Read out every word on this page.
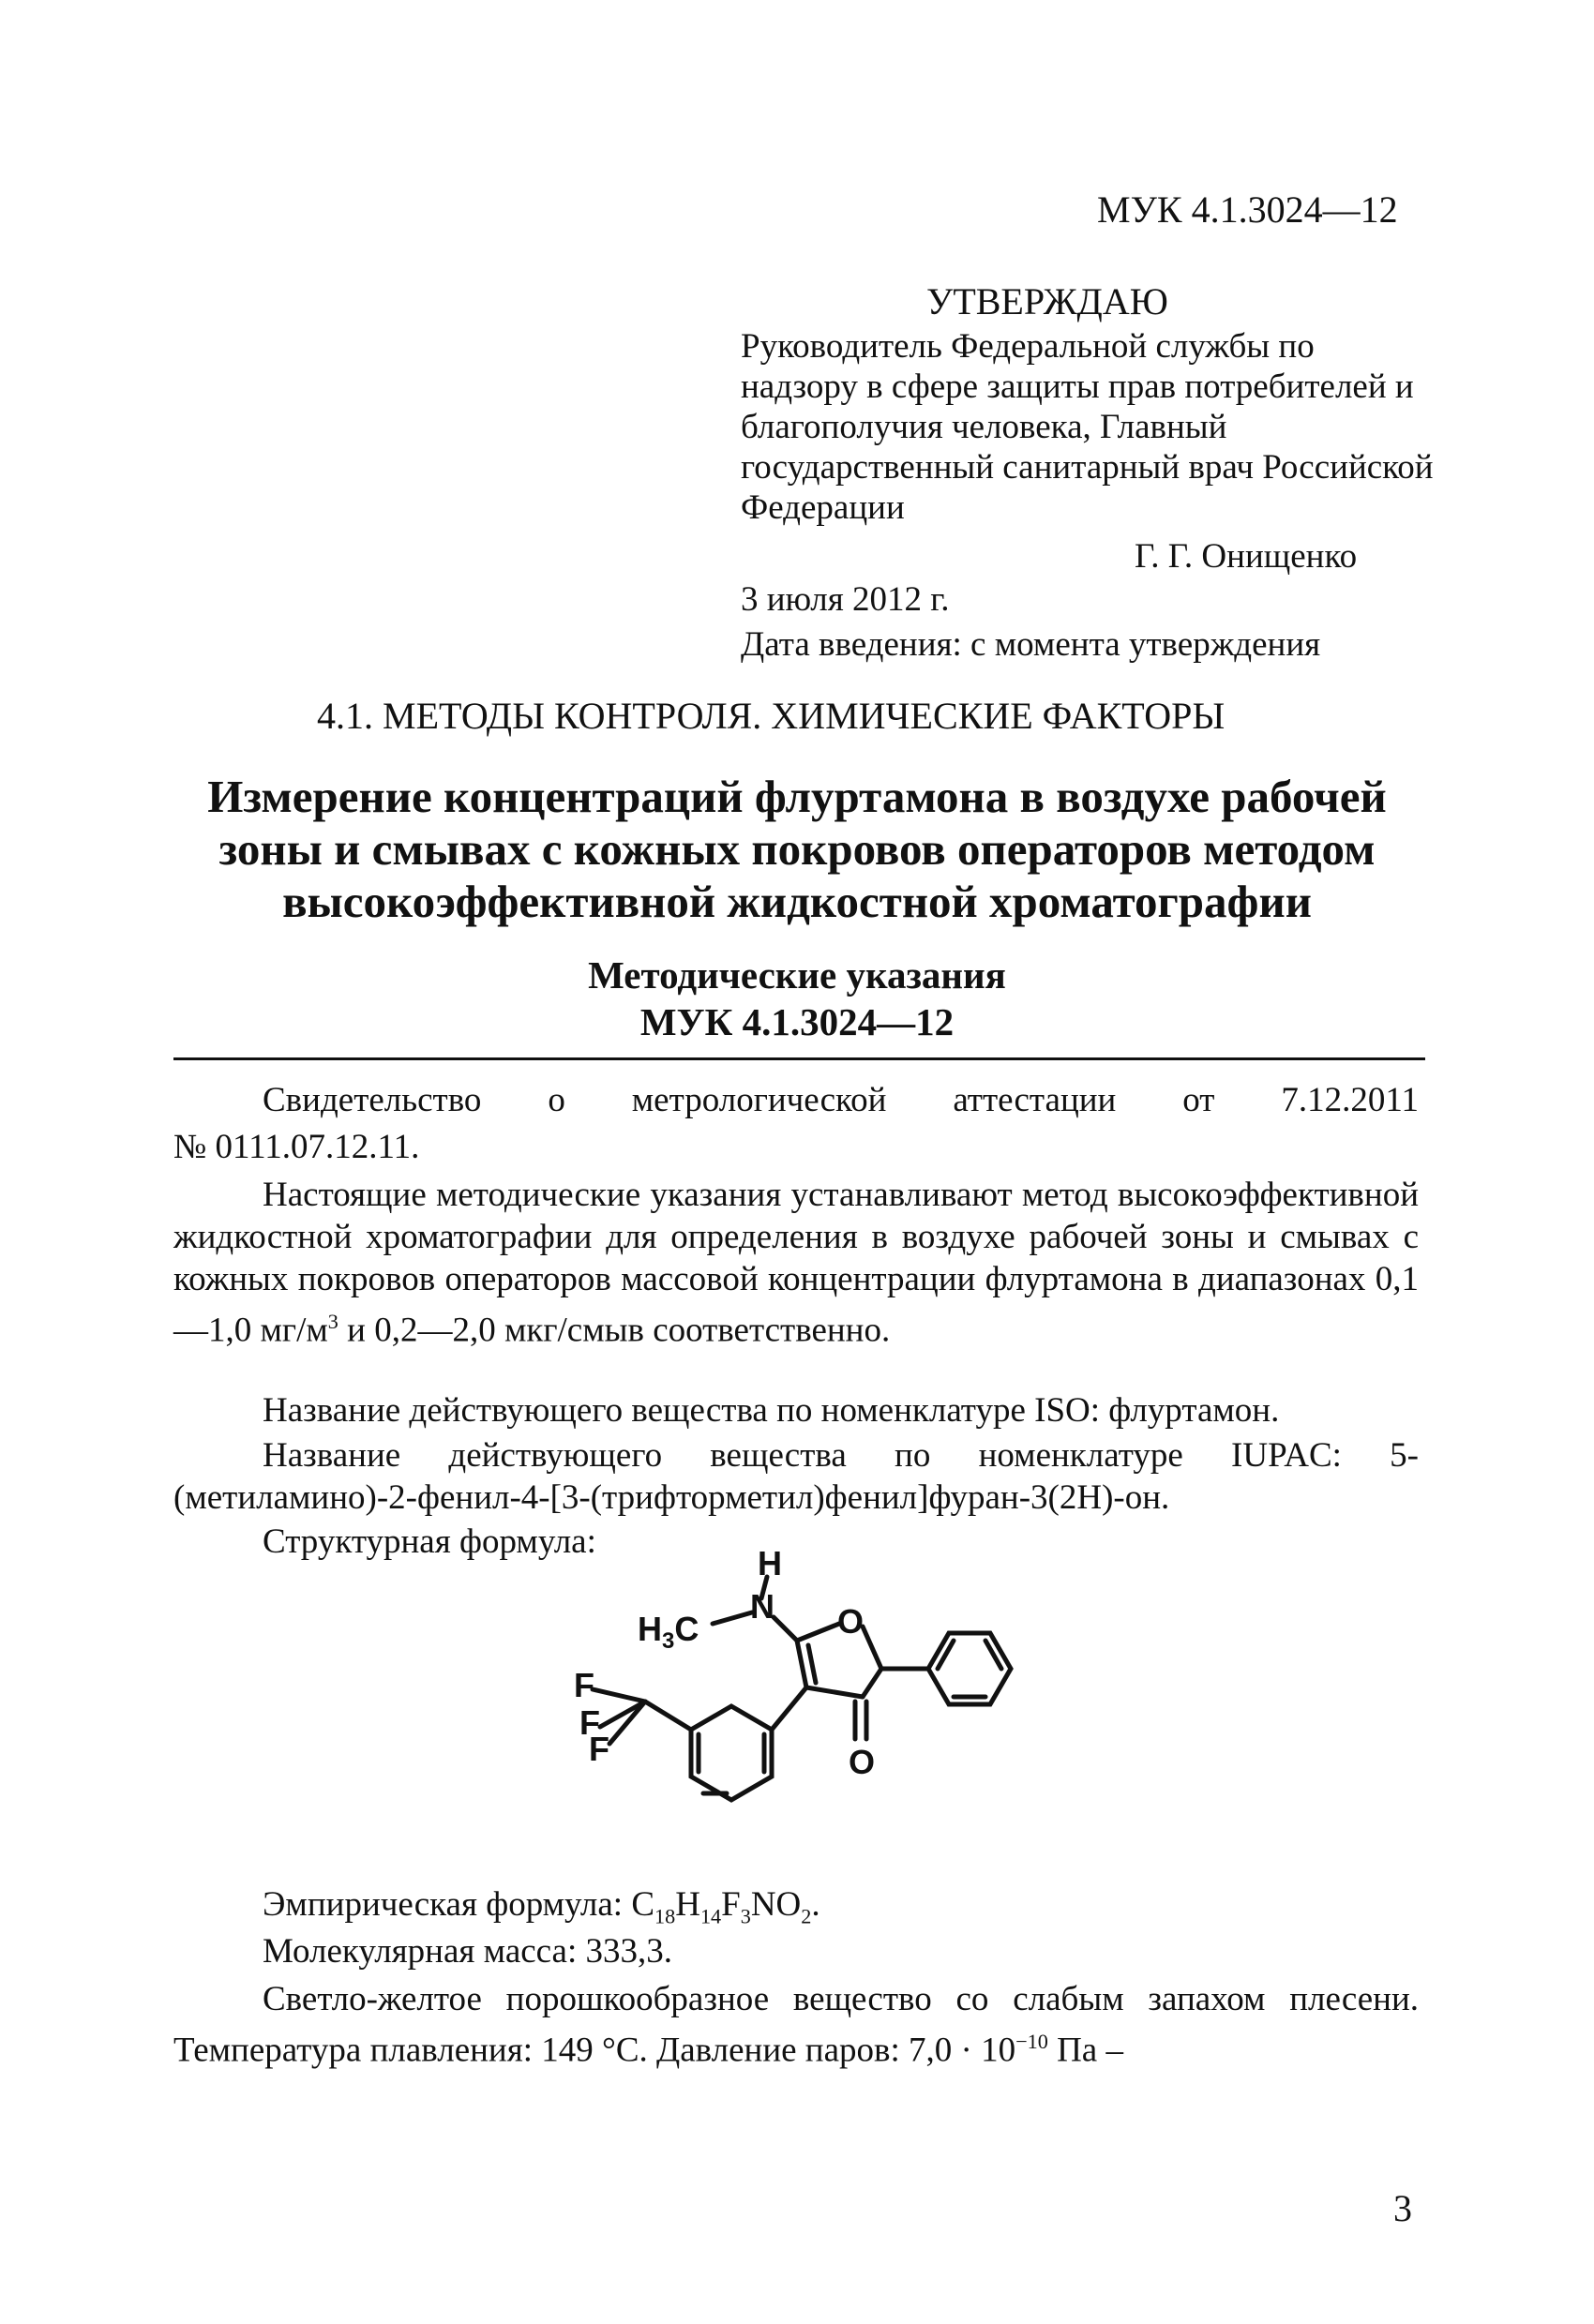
МУК 4.1.3024—12
УТВЕРЖДАЮ
Руководитель Федеральной службы по надзору в сфере защиты прав потребителей и благополучия человека, Главный государственный санитарный врач Российской Федерации
Г. Г. Онищенко
3 июля 2012 г.
Дата введения: с момента утверждения
4.1. МЕТОДЫ КОНТРОЛЯ. ХИМИЧЕСКИЕ ФАКТОРЫ
Измерение концентраций флуртамона в воздухе рабочей зоны и смывах с кожных покровов операторов методом высокоэффективной жидкостной хроматографии
Методические указания
МУК 4.1.3024—12
Свидетельство о метрологической аттестации от 7.12.2011
№ 0111.07.12.11.

Настоящие методические указания устанавливают метод высокоэффективной жидкостной хроматографии для определения в воздухе рабочей зоны и смывах с кожных покровов операторов массовой концентрации флуртамона в диапазонах 0,1—1,0 $мг/м^3$ и 0,2—2,0 мкг/смыв соответственно.

Название действующего вещества по номенклатуре ISO: флуртамон.

Название действующего вещества по номенклатуре IUPAC: 5-(метиламино)-2-фенил-4-[3-(трифторметил)фенил]фуран-3(2H)-он.

Структурная формула:

F
F
F
O
O
H
N
$H_3C$
Эмпирическая формула: $C_{18}H_{14}F_3NO_2$.
Молекулярная масса: 333,3.

Светло-желтое порошкообразное вещество со слабым запахом плесени. Температура плавления: 149 °С. Давление паров: $7,0 \cdot 10^{-10}$ Па –

3
